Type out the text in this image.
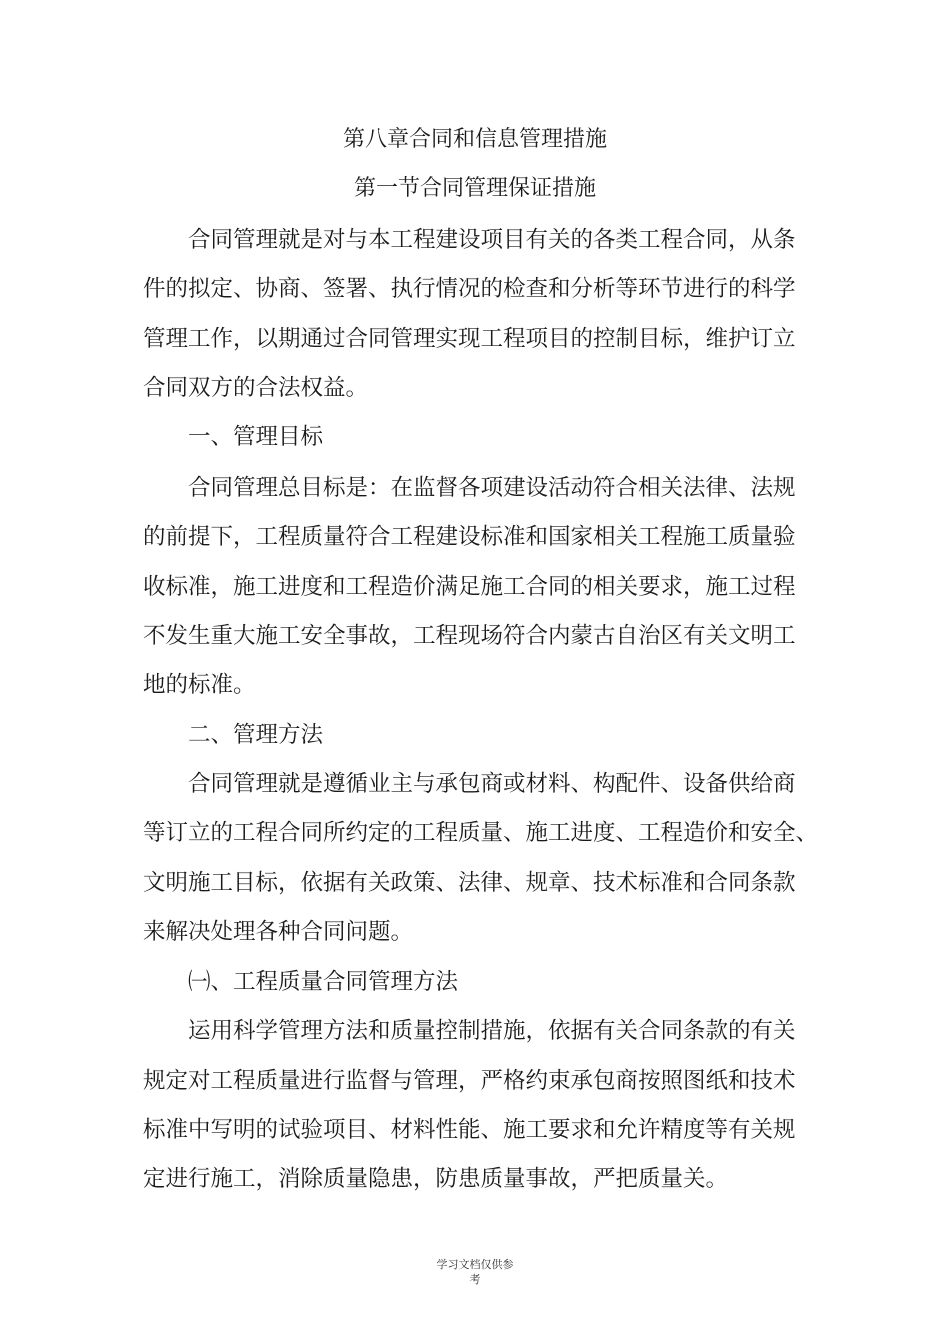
第八章合同和信息管理措施
第一节合同管理保证措施
合同管理就是对与本工程建设项目有关的各类工程合同，从条
件的拟定、协商、签署、执行情况的检查和分析等环节进行的科学
管理工作，以期通过合同管理实现工程项目的控制目标，维护订立
合同双方的合法权益。
一、管理目标
合同管理总目标是：在监督各项建设活动符合相关法律、法规
的前提下，工程质量符合工程建设标准和国家相关工程施工质量验
收标准，施工进度和工程造价满足施工合同的相关要求，施工过程
不发生重大施工安全事故，工程现场符合内蒙古自治区有关文明工
地的标准。
二、管理方法
合同管理就是遵循业主与承包商或材料、构配件、设备供给商
等订立的工程合同所约定的工程质量、施工进度、工程造价和安全、
文明施工目标，依据有关政策、法律、规章、技术标准和合同条款
来解决处理各种合同问题。
㈠、工程质量合同管理方法
运用科学管理方法和质量控制措施，依据有关合同条款的有关
规定对工程质量进行监督与管理，严格约束承包商按照图纸和技术
标准中写明的试验项目、材料性能、施工要求和允许精度等有关规
定进行施工，消除质量隐患，防患质量事故，严把质量关。
学习文档仅供参
考
